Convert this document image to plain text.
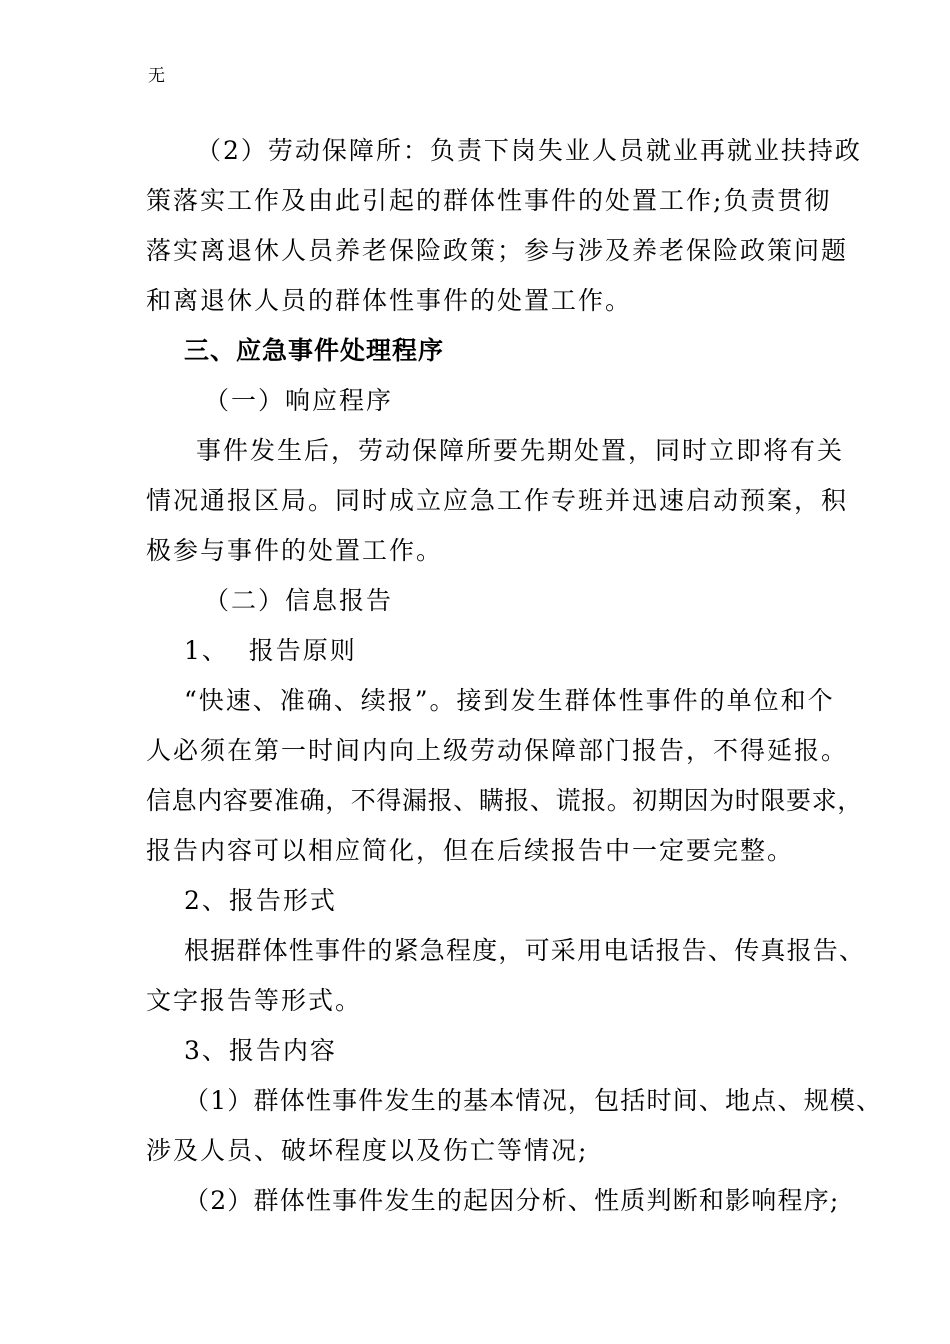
无
（2）劳动保障所：负责下岗失业人员就业再就业扶持政
策落实工作及由此引起的群体性事件的处置工作;负责贯彻
落实离退休人员养老保险政策；参与涉及养老保险政策问题
和离退休人员的群体性事件的处置工作。
三、应急事件处理程序
（一）响应程序
事件发生后，劳动保障所要先期处置，同时立即将有关
情况通报区局。同时成立应急工作专班并迅速启动预案，积
极参与事件的处置工作。
（二）信息报告
1、  报告原则
“快速、准确、续报”。接到发生群体性事件的单位和个
人必须在第一时间内向上级劳动保障部门报告，不得延报。
信息内容要准确，不得漏报、瞒报、谎报。初期因为时限要求，
报告内容可以相应简化，但在后续报告中一定要完整。
2、报告形式
根据群体性事件的紧急程度，可采用电话报告、传真报告、
文字报告等形式。
3、报告内容
（1）群体性事件发生的基本情况，包括时间、地点、规模、
涉及人员、破坏程度以及伤亡等情况;
（2）群体性事件发生的起因分析、性质判断和影响程序;
